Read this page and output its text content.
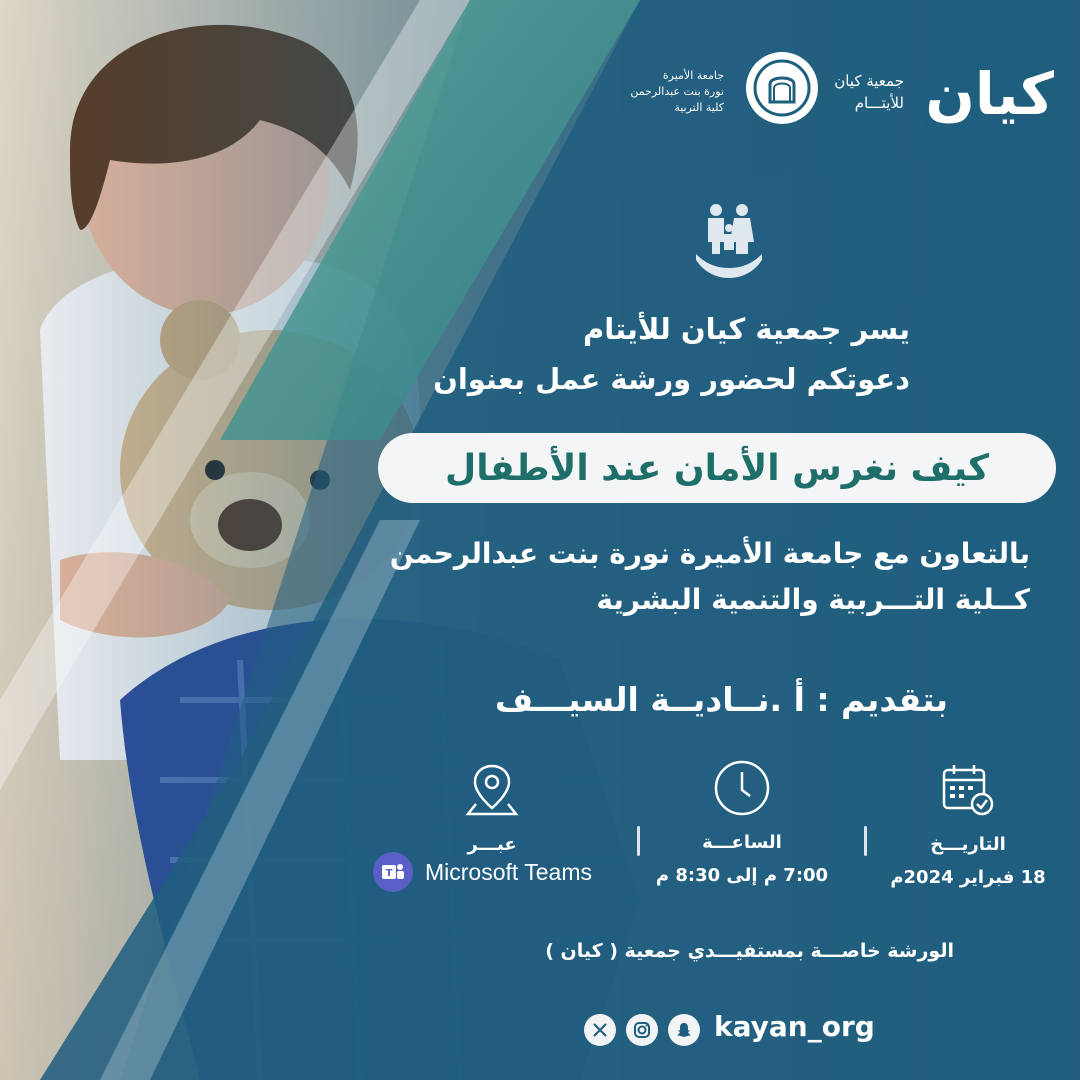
كيان
جمعية كيان
للأيتـــام
جامعة الأميرة
نورة بنت عبدالرحمن
كلية التربية
يسر جمعية كيان للأيتام
دعوتكم لحضور ورشة عمل بعنوان
كيف نغرس الأمان عند الأطفال
بالتعاون مع جامعة الأميرة نورة بنت عبدالرحمن
كــلية التـــربية والتنمية البشرية
بتقديم : أ .نــاديــة السيـــف
التاريـــخ
18 فبراير 2024م
الساعـــة
7:00 م إلى 8:30 م
عبـــر
T Microsoft Teams
الورشة خاصـــة بمستفيـــدي جمعية ( كيان )
kayan_org
